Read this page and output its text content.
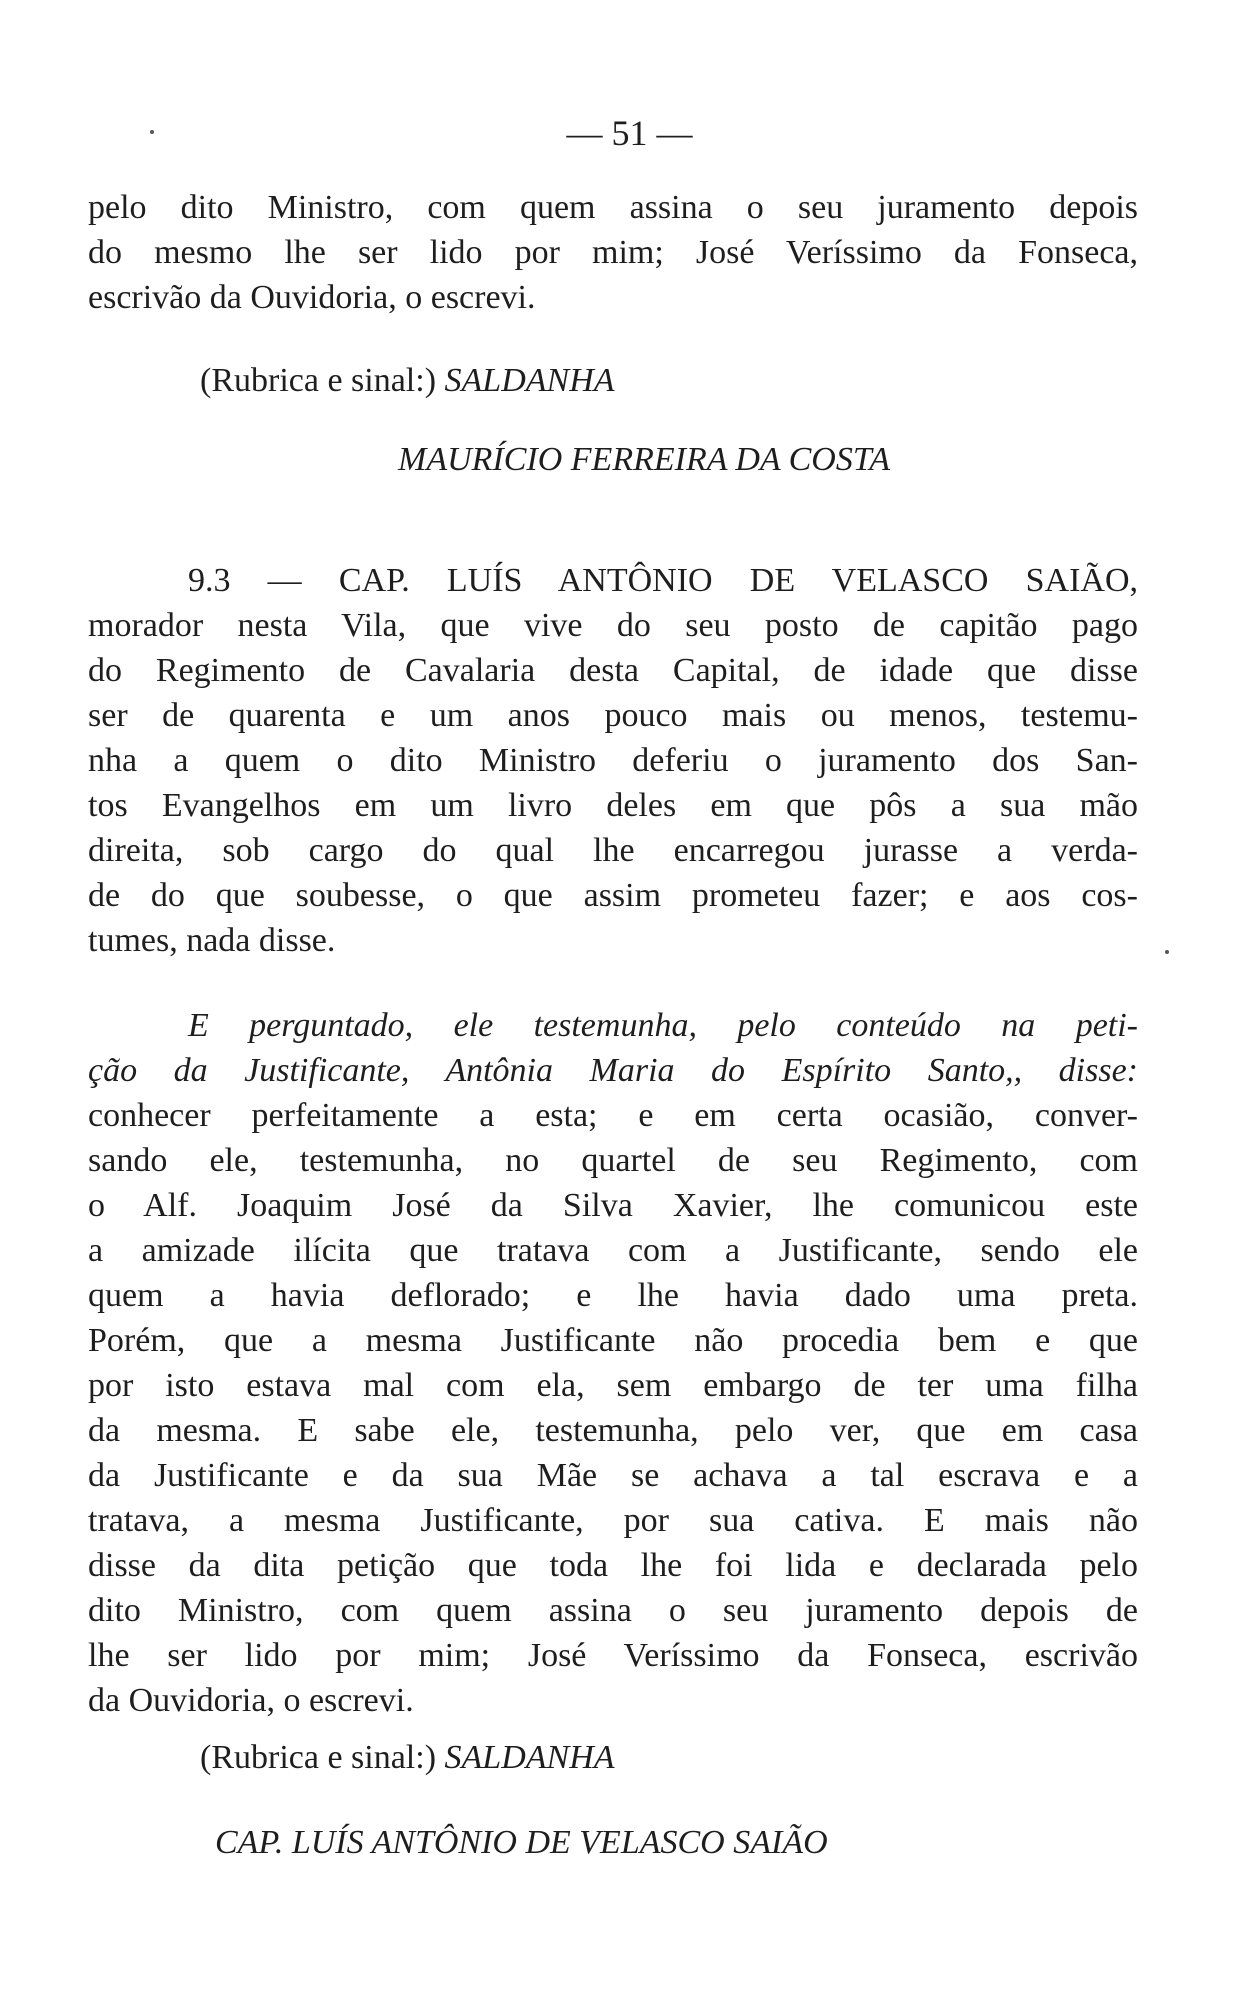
— 51 —
pelo dito Ministro, com quem assina o seu juramento depois
do mesmo lhe ser lido por mim; José Veríssimo da Fonseca,
escrivão da Ouvidoria, o escrevi.
(Rubrica e sinal:) SALDANHA
MAURÍCIO FERREIRA DA COSTA
9.3 — CAP. LUÍS ANTÔNIO DE VELASCO SAIÃO,
morador nesta Vila, que vive do seu posto de capitão pago
do Regimento de Cavalaria desta Capital, de idade que disse
ser de quarenta e um anos pouco mais ou menos, testemu-
nha a quem o dito Ministro deferiu o juramento dos San-
tos Evangelhos em um livro deles em que pôs a sua mão
direita, sob cargo do qual lhe encarregou jurasse a verda-
de do que soubesse, o que assim prometeu fazer; e aos cos-
tumes, nada disse.
E perguntado, ele testemunha, pelo conteúdo na peti-
ção da Justificante, Antônia Maria do Espírito Santo,, disse:
conhecer perfeitamente a esta; e em certa ocasião, conver-
sando ele, testemunha, no quartel de seu Regimento, com
o Alf. Joaquim José da Silva Xavier, lhe comunicou este
a amizade ilícita que tratava com a Justificante, sendo ele
quem a havia deflorado; e lhe havia dado uma preta.
Porém, que a mesma Justificante não procedia bem e que
por isto estava mal com ela, sem embargo de ter uma filha
da mesma. E sabe ele, testemunha, pelo ver, que em casa
da Justificante e da sua Mãe se achava a tal escrava e a
tratava, a mesma Justificante, por sua cativa. E mais não
disse da dita petição que toda lhe foi lida e declarada pelo
dito Ministro, com quem assina o seu juramento depois de
lhe ser lido por mim; José Veríssimo da Fonseca, escrivão
da Ouvidoria, o escrevi.
(Rubrica e sinal:) SALDANHA
CAP. LUÍS ANTÔNIO DE VELASCO SAIÃO
